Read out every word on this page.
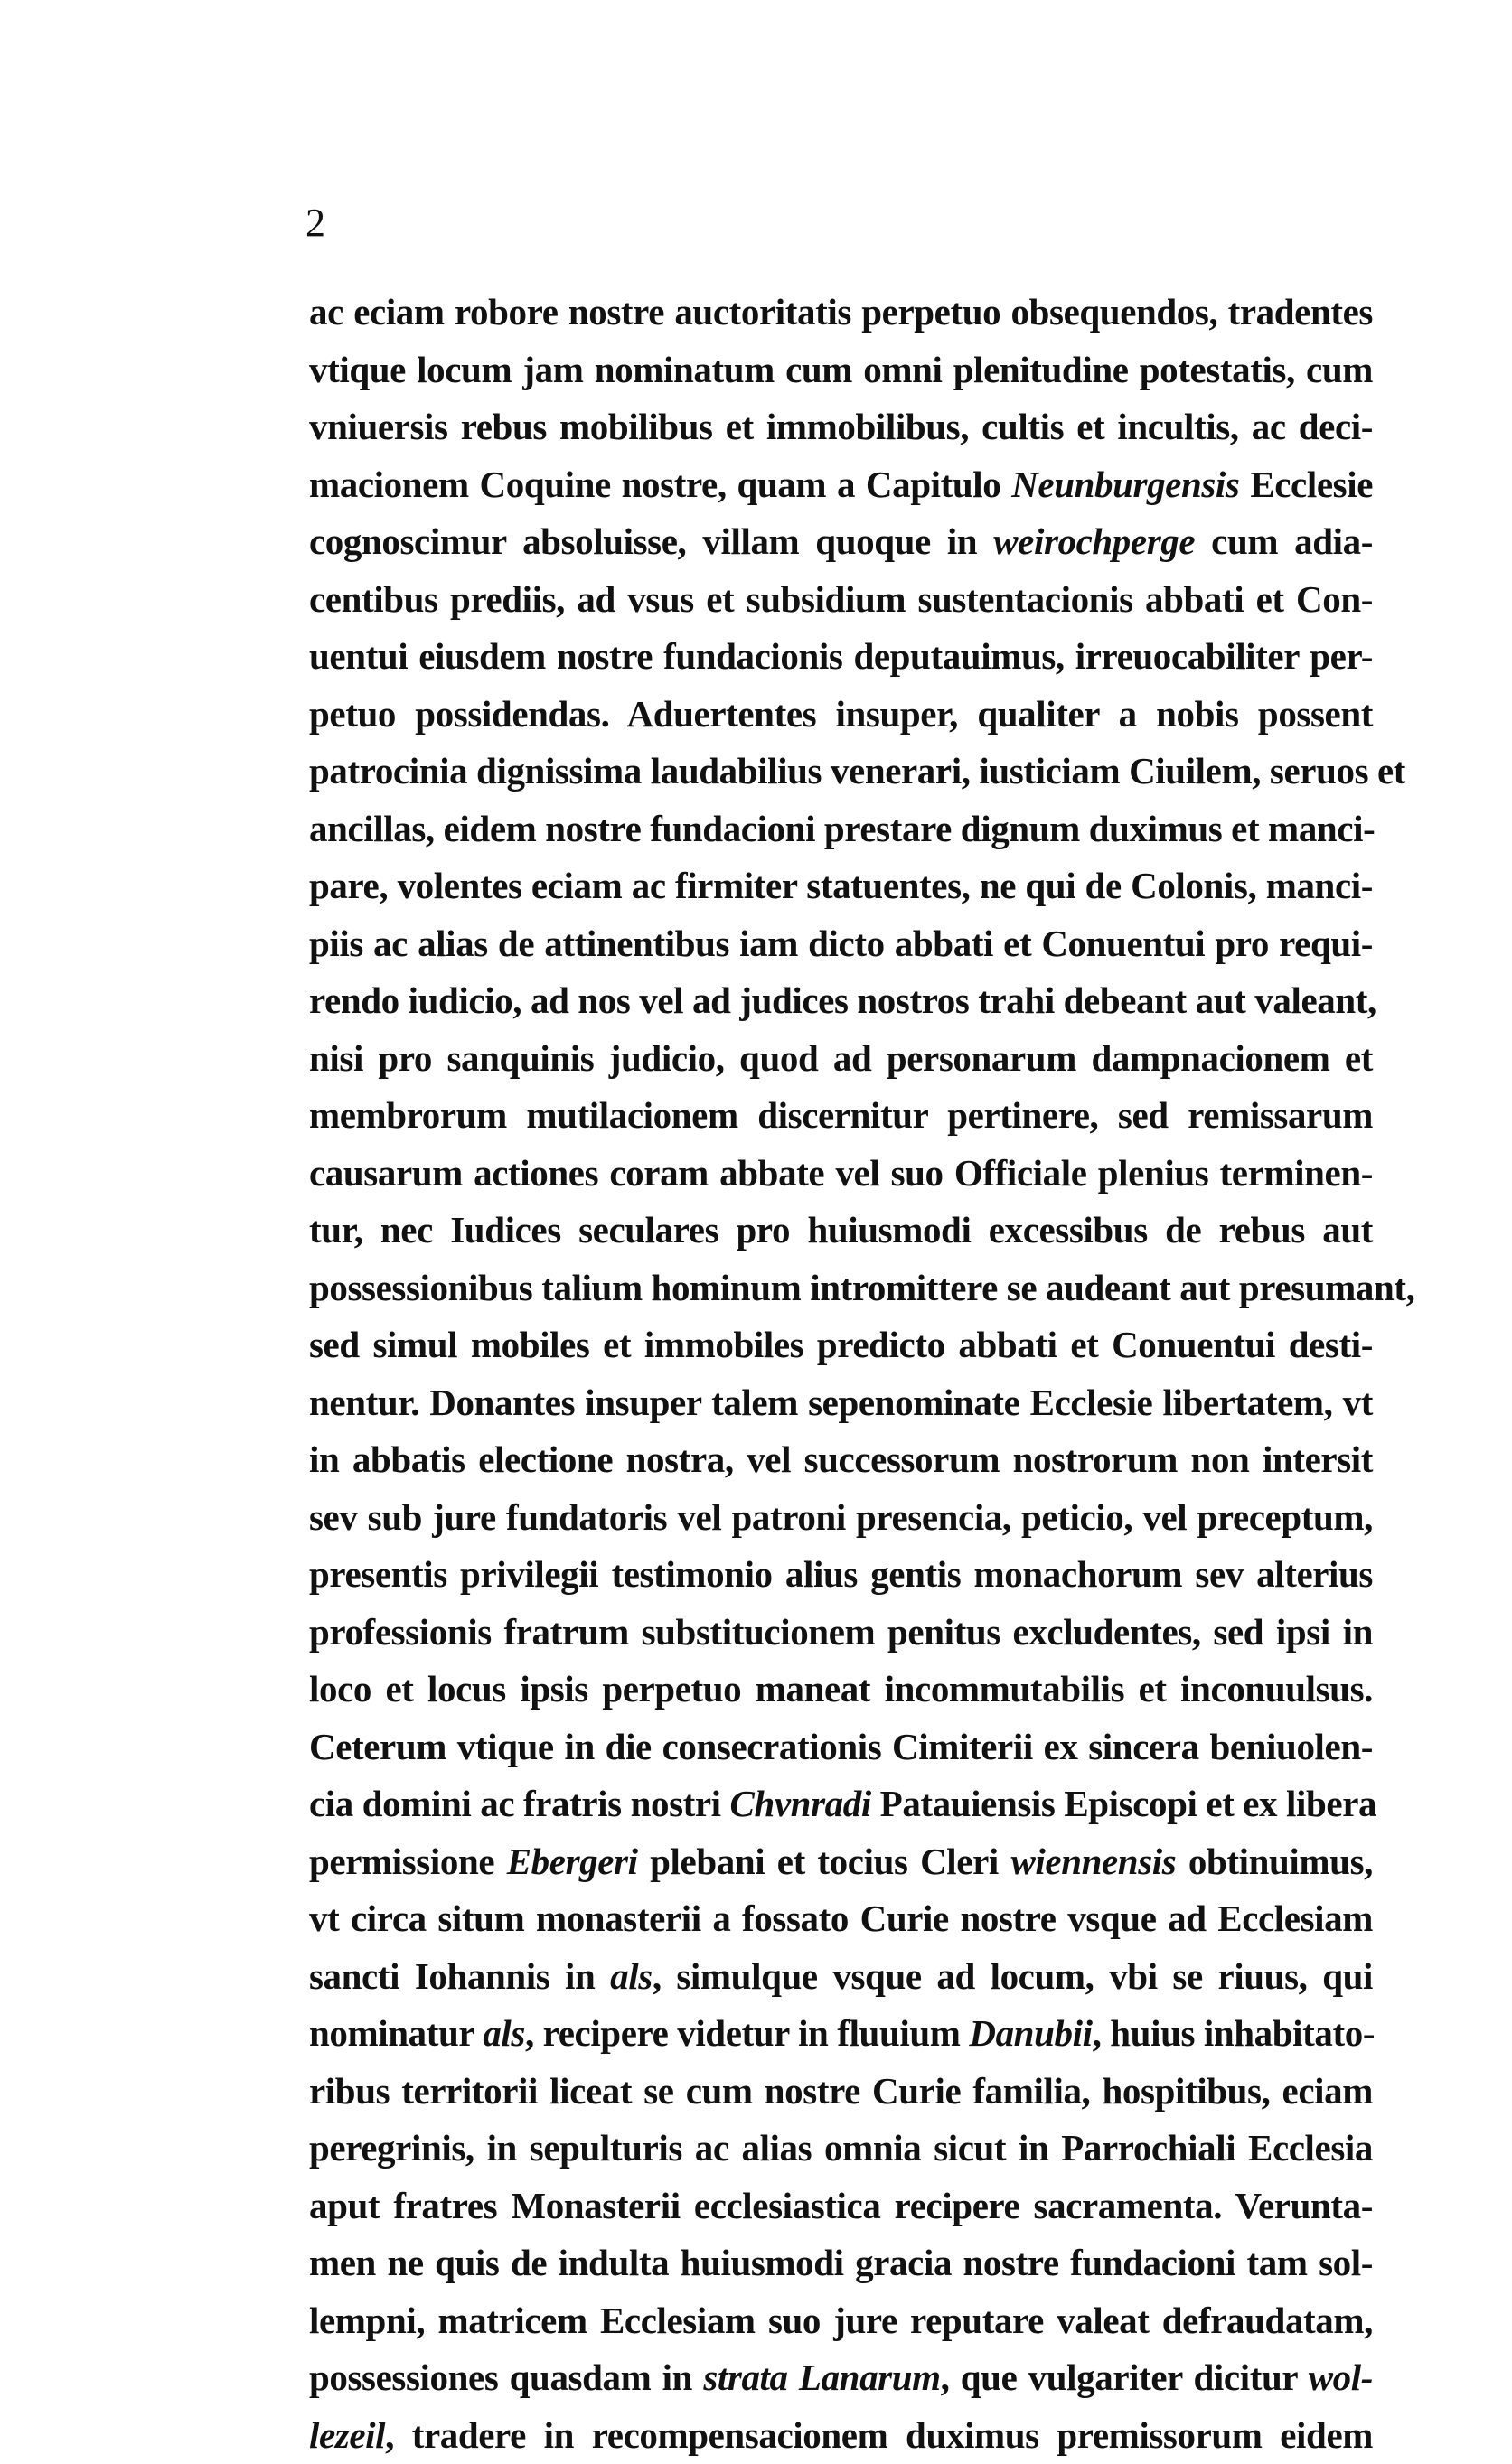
2
ac eciam robore nostre auctoritatis perpetuo obsequendos, tradentes
vtique locum jam nominatum cum omni plenitudine potestatis, cum
vniuersis rebus mobilibus et immobilibus, cultis et incultis, ac deci-
macionem Coquine nostre, quam a Capitulo Neunburgensis Ecclesie
cognoscimur absoluisse, villam quoque in weirochperge cum adia-
centibus prediis, ad vsus et subsidium sustentacionis abbati et Con-
uentui eiusdem nostre fundacionis deputauimus, irreuocabiliter per-
petuo possidendas. Aduertentes insuper, qualiter a nobis possent
patrocinia dignissima laudabilius venerari, iusticiam Ciuilem, seruos et
ancillas, eidem nostre fundacioni prestare dignum duximus et manci-
pare, volentes eciam ac firmiter statuentes, ne qui de Colonis, manci-
piis ac alias de attinentibus iam dicto abbati et Conuentui pro requi-
rendo iudicio, ad nos vel ad judices nostros trahi debeant aut valeant,
nisi pro sanquinis judicio, quod ad personarum dampnacionem et
membrorum mutilacionem discernitur pertinere, sed remissarum
causarum actiones coram abbate vel suo Officiale plenius terminen-
tur, nec Iudices seculares pro huiusmodi excessibus de rebus aut
possessionibus talium hominum intromittere se audeant aut presumant,
sed simul mobiles et immobiles predicto abbati et Conuentui desti-
nentur. Donantes insuper talem sepenominate Ecclesie libertatem, vt
in abbatis electione nostra, vel successorum nostrorum non intersit
sev sub jure fundatoris vel patroni presencia, peticio, vel preceptum,
presentis privilegii testimonio alius gentis monachorum sev alterius
professionis fratrum substitucionem penitus excludentes, sed ipsi in
loco et locus ipsis perpetuo maneat incommutabilis et inconuulsus.
Ceterum vtique in die consecrationis Cimiterii ex sincera beniuolen-
cia domini ac fratris nostri Chvnradi Patauiensis Episcopi et ex libera
permissione Ebergeri plebani et tocius Cleri wiennensis obtinuimus,
vt circa situm monasterii a fossato Curie nostre vsque ad Ecclesiam
sancti Iohannis in als, simulque vsque ad locum, vbi se riuus, qui
nominatur als, recipere videtur in fluuium Danubii, huius inhabitato-
ribus territorii liceat se cum nostre Curie familia, hospitibus, eciam
peregrinis, in sepulturis ac alias omnia sicut in Parrochiali Ecclesia
aput fratres Monasterii ecclesiastica recipere sacramenta. Verunta-
men ne quis de indulta huiusmodi gracia nostre fundacioni tam sol-
lempni, matricem Ecclesiam suo jure reputare valeat defraudatam,
possessiones quasdam in strata Lanarum, que vulgariter dicitur wol-
lezeil, tradere in recompensacionem duximus premissorum eidem
